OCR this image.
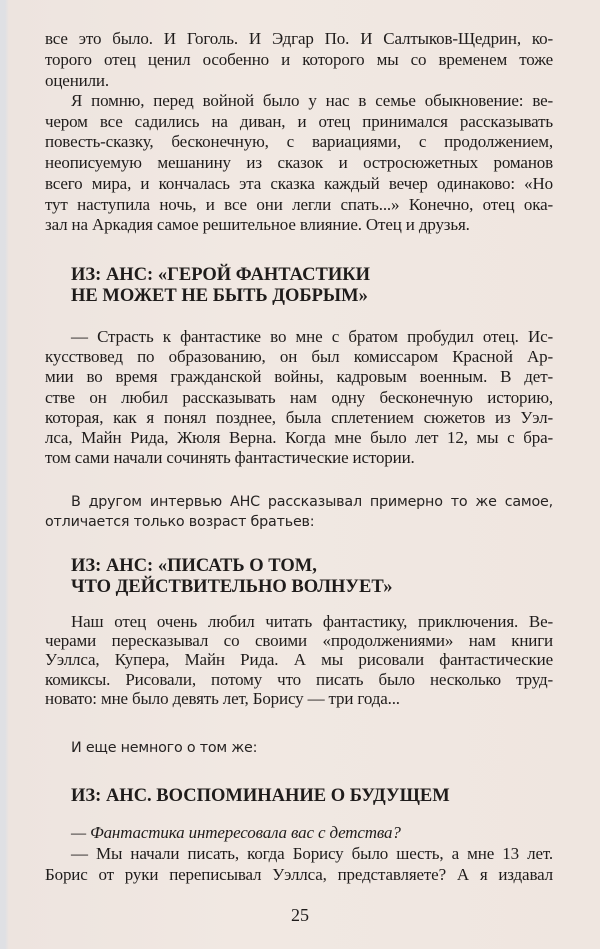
все это было. И Гоголь. И Эдгар По. И Салтыков-Щедрин, ко-
торого отец ценил особенно и которого мы со временем тоже
оценили.
Я помню, перед войной было у нас в семье обыкновение: ве-
чером все садились на диван, и отец принимался рассказывать
повесть-сказку, бесконечную, с вариациями, с продолжением,
неописуемую мешанину из сказок и остросюжетных романов
всего мира, и кончалась эта сказка каждый вечер одинаково: «Но
тут наступила ночь, и все они легли спать...» Конечно, отец ока-
зал на Аркадия самое решительное влияние. Отец и друзья.
ИЗ: АНС: «ГЕРОЙ ФАНТАСТИКИ
НЕ МОЖЕТ НЕ БЫТЬ ДОБРЫМ»
— Страсть к фантастике во мне с братом пробудил отец. Ис-
кусствовед по образованию, он был комиссаром Красной Ар-
мии во время гражданской войны, кадровым военным. В дет-
стве он любил рассказывать нам одну бесконечную историю,
которая, как я понял позднее, была сплетением сюжетов из Уэл-
лса, Майн Рида, Жюля Верна. Когда мне было лет 12, мы с бра-
том сами начали сочинять фантастические истории.
В другом интервью АНС рассказывал примерно то же самое,
отличается только возраст братьев:
ИЗ: АНС: «ПИСАТЬ О ТОМ,
ЧТО ДЕЙСТВИТЕЛЬНО ВОЛНУЕТ»
Наш отец очень любил читать фантастику, приключения. Ве-
черами пересказывал со своими «продолжениями» нам книги
Уэллса, Купера, Майн Рида. А мы рисовали фантастические
комиксы. Рисовали, потому что писать было несколько труд-
новато: мне было девять лет, Борису — три года...
И еще немного о том же:
ИЗ: АНС. ВОСПОМИНАНИЕ О БУДУЩЕМ
— Фантастика интересовала вас с детства?
— Мы начали писать, когда Борису было шесть, а мне 13 лет.
Борис от руки переписывал Уэллса, представляете? А я издавал
25
